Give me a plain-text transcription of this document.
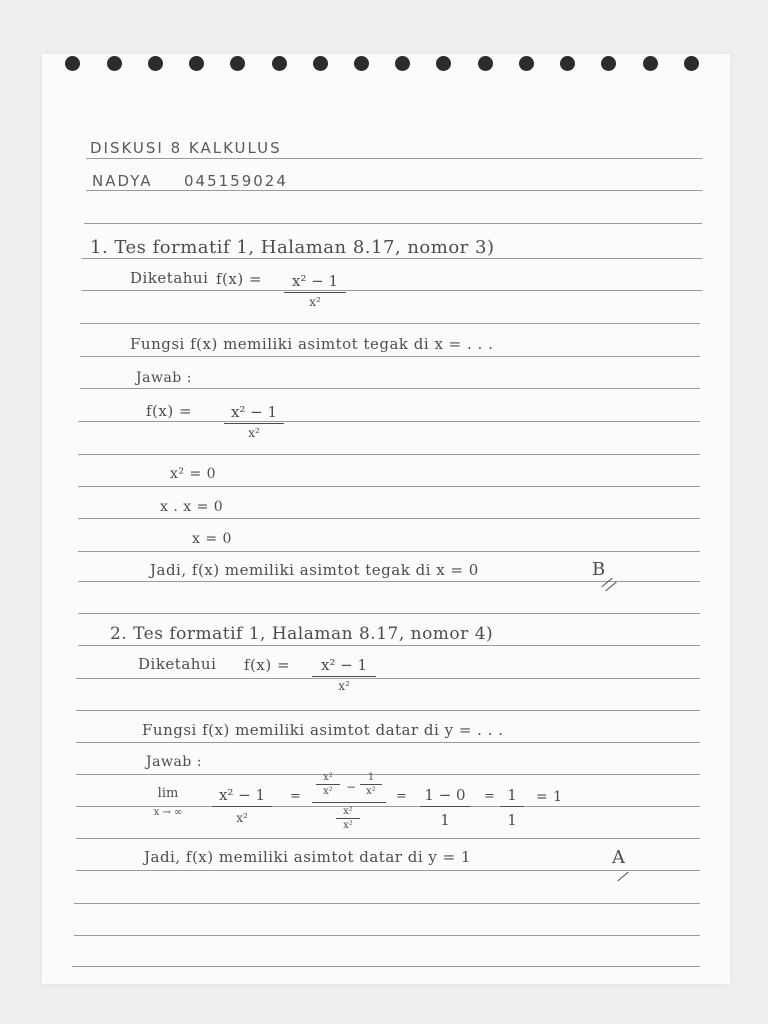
DISKUSI 8 KALKULUS
NADYA 045159024
1. Tes formatif 1, Halaman 8.17, nomor 3)
Diketahui f(x) =	x² − 1
x²
Fungsi f(x) memiliki asimtot tegak di x = . . .
Jawab :
f(x) =	x² − 1
x²
x² = 0
x . x = 0
x = 0
Jadi, f(x) memiliki asimtot tegak di x = 0	B
2. Tes formatif 1, Halaman 8.17, nomor 4)
Diketahui f(x) =	x² − 1
x²
Fungsi f(x) memiliki asimtot datar di y = . . .
Jawab :
lim
x → ∞
x² − 1
x²
=
x²
x²	−
1
x²
x²
x²
= 1 − 0
1
= 1
1
= 1
Jadi, f(x) memiliki asimtot datar di y = 1	A
